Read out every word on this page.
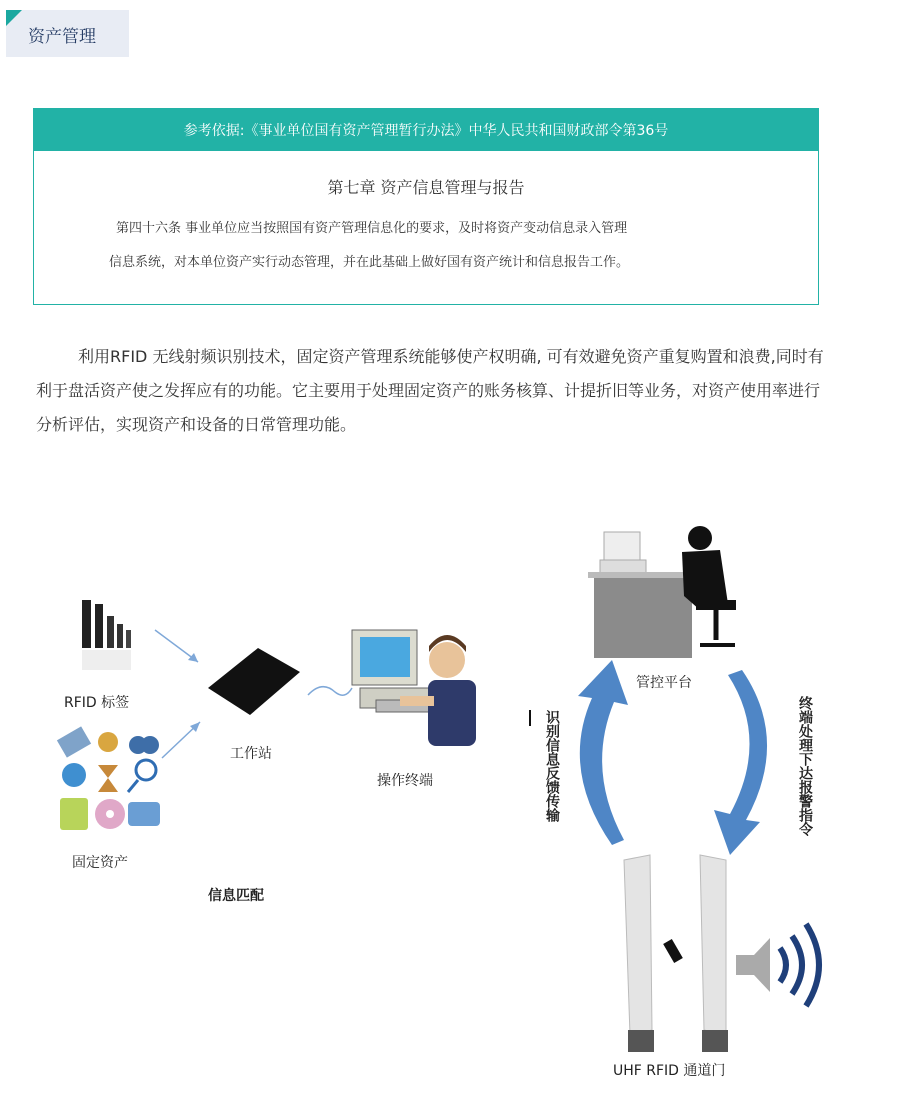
资产管理
参考依据:《事业单位国有资产管理暂行办法》中华人民共和国财政部令第36号
第七章 资产信息管理与报告
第四十六条 事业单位应当按照国有资产管理信息化的要求，及时将资产变动信息录入管理
信息系统，对本单位资产实行动态管理，并在此基础上做好国有资产统计和信息报告工作。
利用RFID 无线射频识别技术，固定资产管理系统能够使产权明确, 可有效避免资产重复购置和浪费,同时有利于盘活资产使之发挥应有的功能。它主要用于处理固定资产的账务核算、计提折旧等业务，对资产使用率进行分析评估，实现资产和设备的日常管理功能。
RFID 标签
固定资产
工作站
操作终端
信息匹配
管控平台
识别信息反馈传输	终端处理下达报警指令
UHF RFID 通道门
